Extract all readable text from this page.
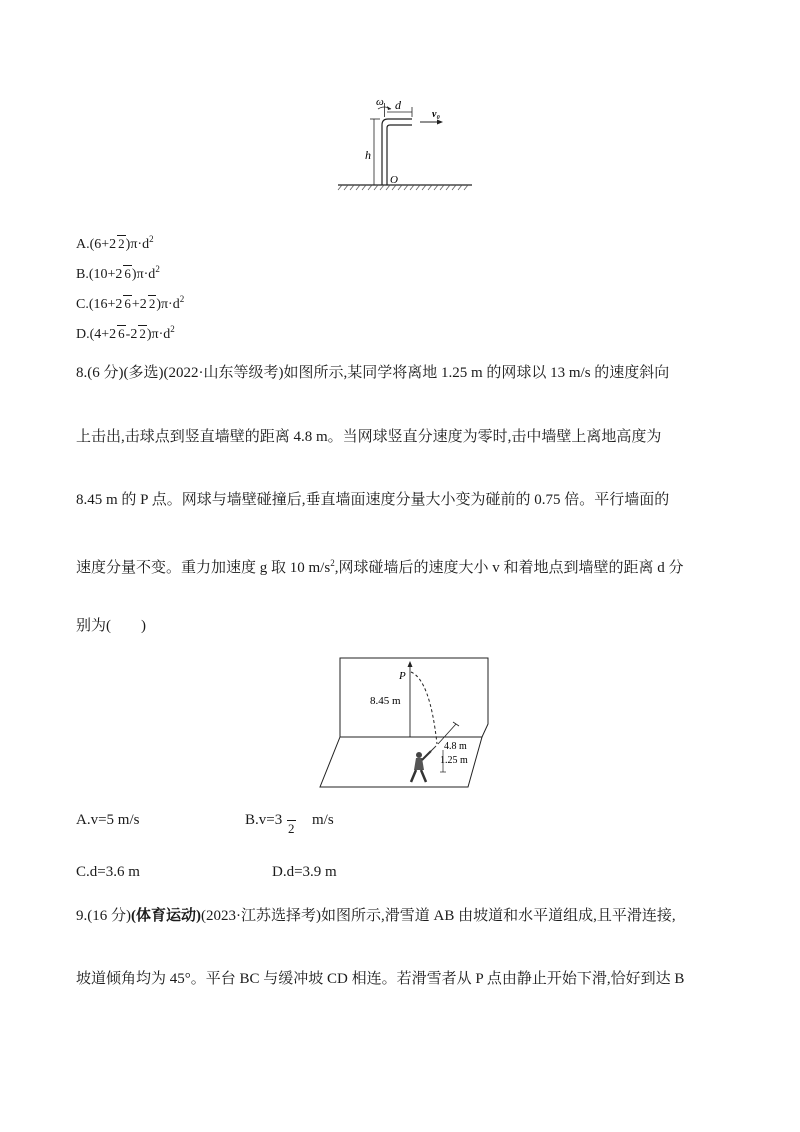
ω d
v₀
h
O
A.(6+2 $2)\pi\cdot d^2$
B.(10+2 $6)\pi\cdot d^2$
C.(16+2 6+2 $2)\pi\cdot d^2$
D.(4+2 6-2 $2)\pi\cdot d^2$
8.(6 分)(多选)(2022·山东等级考)如图所示,某同学将离地 1.25 m 的网球以 13 m/s 的速度斜向
上击出,击球点到竖直墙壁的距离 4.8 m。当网球竖直分速度为零时,击中墙壁上离地高度为
8.45 m 的 P 点。网球与墙壁碰撞后,垂直墙面速度分量大小变为碰前的 0.75 倍。平行墙面的
速度分量不变。重力加速度 g 取 10 $m/s^2$,网球碰墙后的速度大小 v 和着地点到墙壁的距离 d 分
别为(　　)
P
8.45 m
4.8 m
1.25 m
A.v=5 m/s	B.v=3
2
m/s
C.d=3.6 m	D.d=3.9 m
9.(16 分)(体育运动)(2023·江苏选择考)如图所示,滑雪道 AB 由坡道和水平道组成,且平滑连接,
坡道倾角均为 45°。平台 BC 与缓冲坡 CD 相连。若滑雪者从 P 点由静止开始下滑,恰好到达 B
